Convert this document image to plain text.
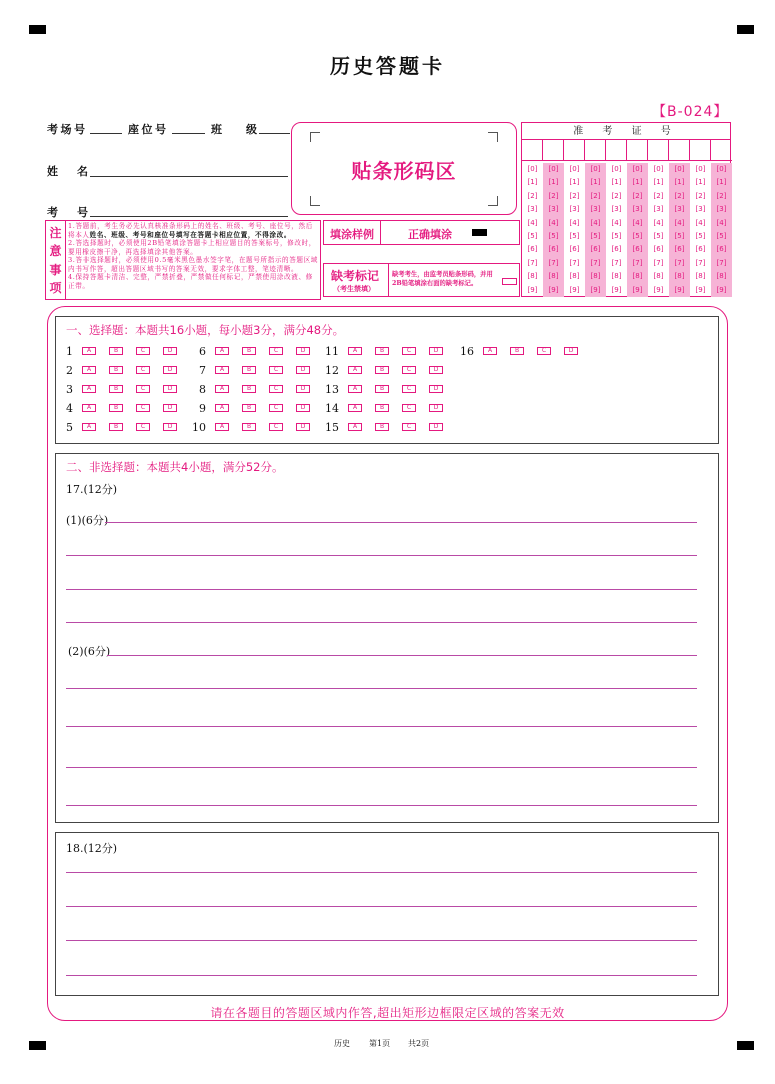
历史答题卡
【B-024】
考场号	座位号	班 级
姓 名
考 号
贴条形码区
准 考 证 号
[0]	[0]	[0]	[0]	[0]	[0]	[0]	[0]	[0]	[0]
[1]	[1]	[1]	[1]	[1]	[1]	[1]	[1]	[1]	[1]
[2]	[2]	[2]	[2]	[2]	[2]	[2]	[2]	[2]	[2]
[3]	[3]	[3]	[3]	[3]	[3]	[3]	[3]	[3]	[3]
[4]	[4]	[4]	[4]	[4]	[4]	[4]	[4]	[4]	[4]
[5]	[5]	[5]	[5]	[5]	[5]	[5]	[5]	[5]	[5]
[6]	[6]	[6]	[6]	[6]	[6]	[6]	[6]	[6]	[6]
[7]	[7]	[7]	[7]	[7]	[7]	[7]	[7]	[7]	[7]
[8]	[8]	[8]	[8]	[8]	[8]	[8]	[8]	[8]	[8]
[9]	[9]	[9]	[9]	[9]	[9]	[9]	[9]	[9]	[9]
注
意
事
项

1.答题前，考生务必先认真核准条形码上的姓名、班级、考号、座位号，然后将本人姓名、班级、考号和座位号填写在答题卡相应位置，不得涂改。

2.答选择题时，必须使用2B铅笔填涂答题卡上相应题目的答案标号，修改时，要用橡皮擦干净，再选择填涂其他答案。

3.答非选择题时，必须使用0.5毫米黑色墨水签字笔，在题号所指示的答题区域内书写作答，超出答题区域书写的答案无效，要求字体工整，笔迹清晰。

4.保持答题卡清洁、完整，严禁折叠，严禁做任何标记，严禁使用涂改液、修正带。

填涂样例	正确填涂
缺考标记
（考生禁填）
缺考考生，由监考员贴条形码，并用2B铅笔填涂右面的缺考标记。
一、选择题：本题共16小题，每小题3分，满分48分。
1	A	B	C	D
2	A	B	C	D
3	A	B	C	D
4	A	B	C	D
5	A	B	C	D
6	A	B	C	D
7	A	B	C	D
8	A	B	C	D
9	A	B	C	D
10	A	B	C	D
11	A	B	C	D
12	A	B	C	D
13	A	B	C	D
14	A	B	C	D
15	A	B	C	D
16	A	B	C	D
二、非选择题：本题共4小题，满分52分。
17.(12分)
(1)(6分)
(2)(6分)
18.(12分)
请在各题目的答题区域内作答,超出矩形边框限定区域的答案无效
历史 第1页 共2页
